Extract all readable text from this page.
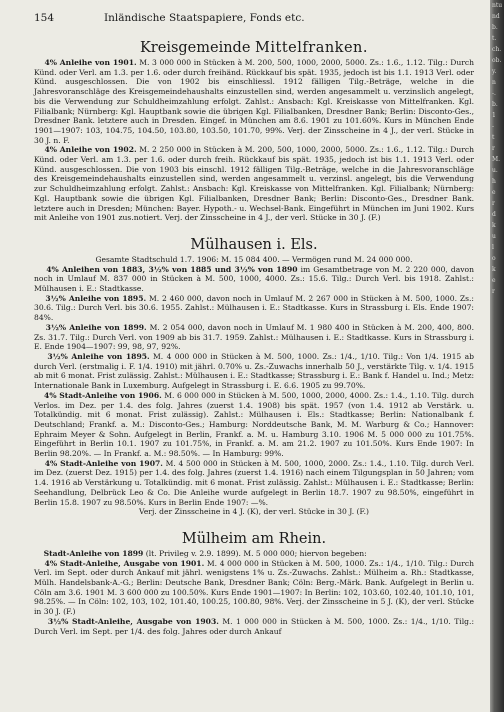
154	Inländische Staatspapiere, Fonds etc.
Kreisgemeinde Mittelfranken.

4% Anleihe von 1901. M. 3 000 000 in Stücken à M. 200, 500, 1000, 2000, 5000. Zs.: 1.6., 1.12. Tilg.: Durch Künd. oder Verl. am 1.3. per 1.6. oder durch freihänd. Rückkauf bis spät. 1935, jedoch ist bis 1.1. 1913 Verl. oder Künd. ausgeschlossen. Die von 1902 bis einschliessl. 1912 fälligen Tilg.-Beträge, welche in die Jahresvoranschläge des Kreisgemeindehaushalts einzustellen sind, werden angesammelt u. verzinslich angelegt, bis die Verwendung zur Schuldheimzahlung erfolgt. Zahlst.: Ansbach: Kgl. Kreiskasse von Mittelfranken. Kgl. Filialbank; Nürnberg: Kgl. Hauptbank sowie die übrigen Kgl. Filialbanken, Dresdner Bank; Berlin: Disconto-Ges., Dresdner Bank. letztere auch in Dresden. Eingef. in München am 8.6. 1901 zu 101.60%. Kurs in München Ende 1901—1907: 103, 104.75, 104.50, 103.80, 103.50, 101.70, 99%. Verj. der Zinsscheine in 4 J., der verl. Stücke in 30 J. n. F.

4% Anleihe von 1902. M. 2 250 000 in Stücken à M. 200, 500, 1000, 2000, 5000. Zs.: 1.6., 1.12. Tilg.: Durch Künd. oder Verl. am 1.3. per 1.6. oder durch freih. Rückkauf bis spät. 1935, jedoch ist bis 1.1. 1913 Verl. oder Künd. ausgeschlossen. Die von 1903 bis einschl. 1912 fälligen Tilg.-Beträge, welche in die Jahresvoranschläge des Kreisgemeindehaushalts einzustellen sind, werden angesammelt u. verzinsl. angelegt, bis die Verwendung zur Schuldheimzahlung erfolgt. Zahlst.: Ansbach: Kgl. Kreiskasse von Mittelfranken. Kgl. Filialbank; Nürnberg: Kgl. Hauptbank sowie die übrigen Kgl. Filialbanken, Dresdner Bank; Berlin: Disconto-Ges., Dresdner Bank. letztere auch in Dresden; München: Bayer. Hypoth.- u. Wechsel-Bank. Eingeführt in München im Juni 1902. Kurs mit Anleihe von 1901 zus.notiert. Verj. der Zinsscheine in 4 J., der verl. Stücke in 30 J. (F.)

Mülhausen i. Els.
Gesamte Stadtschuld 1.7. 1906: M. 15 084 400. — Vermögen rund M. 24 000 000.

4% Anleihen von 1883, 3½% von 1885 und 3½% von 1890 im Gesamtbetrage von M. 2 220 000, davon noch in Umlauf M. 837 000 in Stücken à M. 500, 1000, 4000. Zs.: 15.6. Tilg.: Durch Verl. bis 1918. Zahlst.: Mülhausen i. E.: Stadtkasse.

3½% Anleihe von 1895. M. 2 460 000, davon noch in Umlauf M. 2 267 000 in Stücken à M. 500, 1000. Zs.: 30.6. Tilg.: Durch Verl. bis 30.6. 1955. Zahlst.: Mülhausen i. E.: Stadtkasse. Kurs in Strassburg i. Els. Ende 1907: 84%.

3½% Anleihe von 1899. M. 2 054 000, davon noch in Umlauf M. 1 980 400 in Stücken à M. 200, 400, 800. Zs. 31.7. Tilg.: Durch Verl. von 1909 ab bis 31.7. 1959. Zahlst.: Mülhausen i. E.: Stadtkasse. Kurs in Strassburg i. E. Ende 1904—1907: 99, 98, 97, 92%.

3½% Anleihe von 1895. M. 4 000 000 in Stücken à M. 500, 1000. Zs.: 1/4., 1/10. Tilg.: Von 1/4. 1915 ab durch Verl. (erstmalig i. F. 1/4. 1910) mit jährl. 0.70% u. Zs.-Zuwachs innerhalb 50 J., verstärkte Tilg. v. 1/4. 1915 ab mit 6 monat. Frist zulässig. Zahlst.: Mülhausen i. E.: Stadtkasse; Strassburg i. E.: Bank f. Handel u. Ind.; Metz: Internationale Bank in Luxemburg. Aufgelegt in Strassburg i. E. 6.6. 1905 zu 99.70%.

4% Stadt-Anleihe von 1906. M. 6 000 000 in Stücken à M. 500, 1000, 2000, 4000. Zs.: 1.4., 1.10. Tilg. durch Verlos. im Dez. per 1.4. des folg. Jahres (zuerst 1.4. 1908) bis spät. 1957 (von 1.4. 1912 ab Verstärk. u. Totalkündig. mit 6 monat. Frist zulässig). Zahlst.: Mülhausen i. Els.: Stadtkasse; Berlin: Nationalbank f. Deutschland; Frankf. a. M.: Disconto-Ges.; Hamburg: Norddeutsche Bank, M. M. Warburg & Co.; Hannover: Ephraim Meyer & Sohn. Aufgelegt in Berlin, Frankf. a. M. u. Hamburg 3.10. 1906 M. 5 000 000 zu 101.75%. Eingeführt in Berlin 10.1. 1907 zu 101.75%, in Frankf. a. M. am 21.2. 1907 zu 101.50%. Kurs Ende 1907: In Berlin 98.20%. — In Frankf. a. M.: 98.50%. — In Hamburg: 99%.

4% Stadt-Anleihe von 1907. M. 4 500 000 in Stücken à M. 500, 1000, 2000. Zs.: 1.4., 1.10. Tilg. durch Verl. im Dez. (zuerst Dez. 1915) per 1.4. des folg. Jahres (zuerst 1.4. 1916) nach einem Tilgungsplan in 50 Jahren; vom 1.4. 1916 ab Verstärkung u. Totalkündig. mit 6 monat. Frist zulässig. Zahlst.: Mülhausen i. E.: Stadtkasse; Berlin: Seehandlung, Delbrück Leo & Co. Die Anleihe wurde aufgelegt in Berlin 18.7. 1907 zu 98.50%, eingeführt in Berlin 15.8. 1907 zu 98.50%. Kurs in Berlin Ende 1907: —%.

Verj. der Zinsscheine in 4 J. (K), der verl. Stücke in 30 J. (F.)
Mülheim am Rhein.

Stadt-Anleihe von 1899 (lt. Privileg v. 2.9. 1899). M. 5 000 000; hiervon begeben:

4% Stadt-Anleihe, Ausgabe von 1901. M. 4 000 000 in Stücken à M. 500, 1000. Zs.: 1/4., 1/10. Tilg.: Durch Verl. im Sept. oder durch Ankauf mit jährl. wenigstens 1% u. Zs.-Zuwachs. Zahlst.: Mülheim a. Rh.: Stadtkasse, Mülh. Handelsbank-A.-G.; Berlin: Deutsche Bank, Dresdner Bank; Cöln: Berg.-Märk. Bank. Aufgelegt in Berlin u. Cöln am 3.6. 1901 M. 3 600 000 zu 100.50%. Kurs Ende 1901—1907: In Berlin: 102, 103.60, 102.40, 101.10, 101, 98.25%. — In Cöln: 102, 103, 102, 101.40, 100.25, 100.80, 98%. Verj. der Zinsscheine in 5 J. (K), der verl. Stücke in 30 J. (F.)

3½% Stadt-Anleihe, Ausgabe von 1903. M. 1 000 000 in Stücken à M. 500, 1000. Zs.: 1/4., 1/10. Tilg.: Durch Verl. im Sept. per 1/4. des folg. Jahres oder durch Ankauf

ntu
nd
b.
t.
ch.
ob.
y.
n
-.
b.
1
-
t
r
M.
u.
h
e
r
d
k
u
l
o
k
e
r
